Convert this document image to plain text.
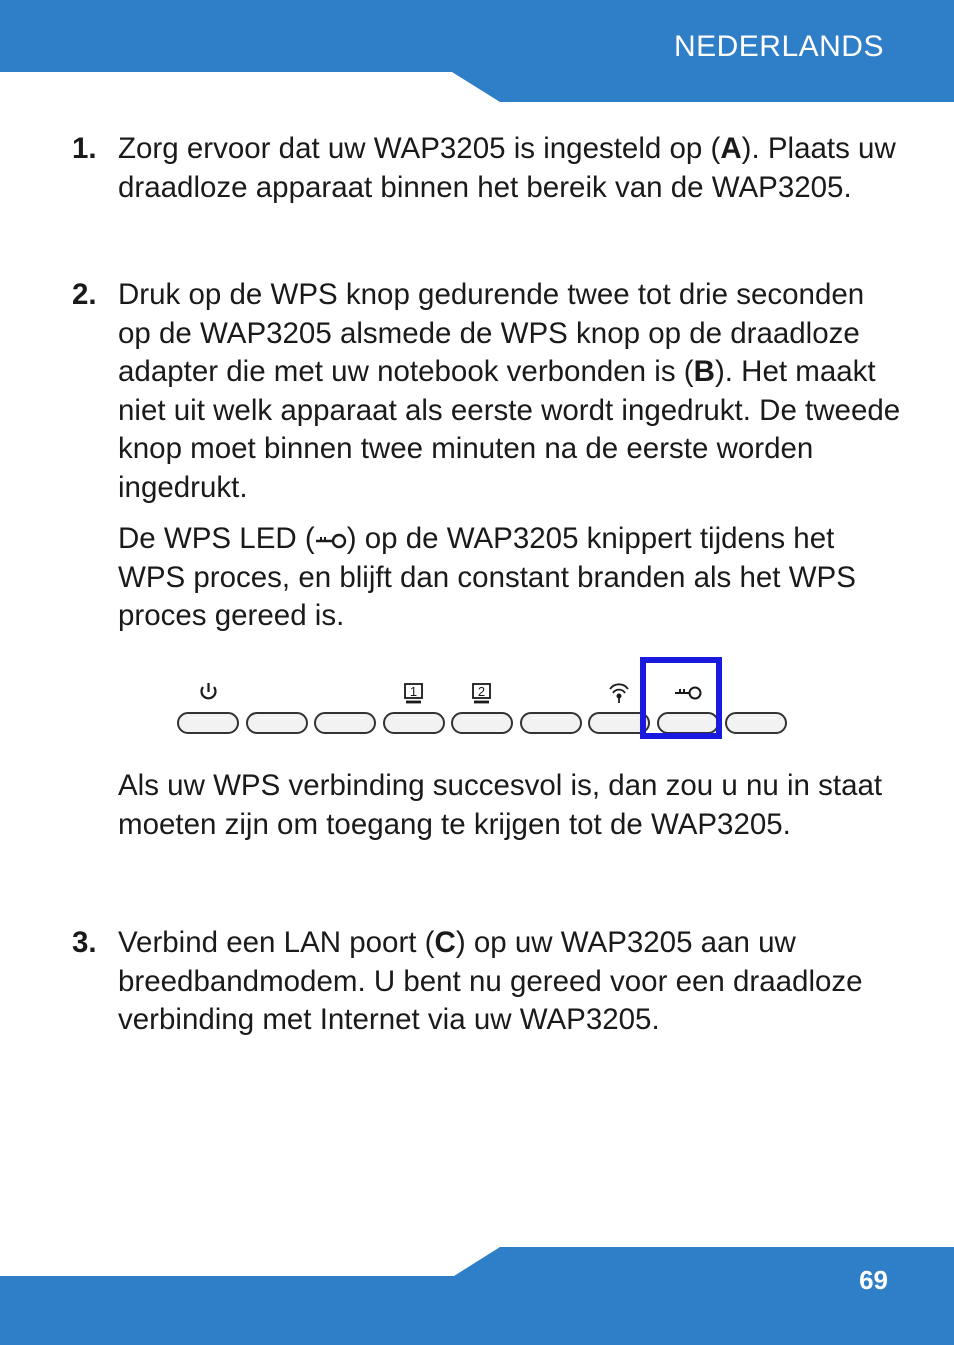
NEDERLANDS
1. Zorg ervoor dat uw WAP3205 is ingesteld op (A). Plaats uw draadloze apparaat binnen het bereik van de WAP3205.
2. Druk op de WPS knop gedurende twee tot drie seconden op de WAP3205 alsmede de WPS knop op de draadloze adapter die met uw notebook verbonden is (B). Het maakt niet uit welk apparaat als eerste wordt ingedrukt. De tweede knop moet binnen twee minuten na de eerste worden ingedrukt.
De WPS LED ( ) op de WAP3205 knippert tijdens het WPS proces, en blijft dan constant branden als het WPS proces gereed is.
1	2
Als uw WPS verbinding succesvol is, dan zou u nu in staat moeten zijn om toegang te krijgen tot de WAP3205.
3. Verbind een LAN poort (C) op uw WAP3205 aan uw breedbandmodem. U bent nu gereed voor een draadloze verbinding met Internet via uw WAP3205.
69
